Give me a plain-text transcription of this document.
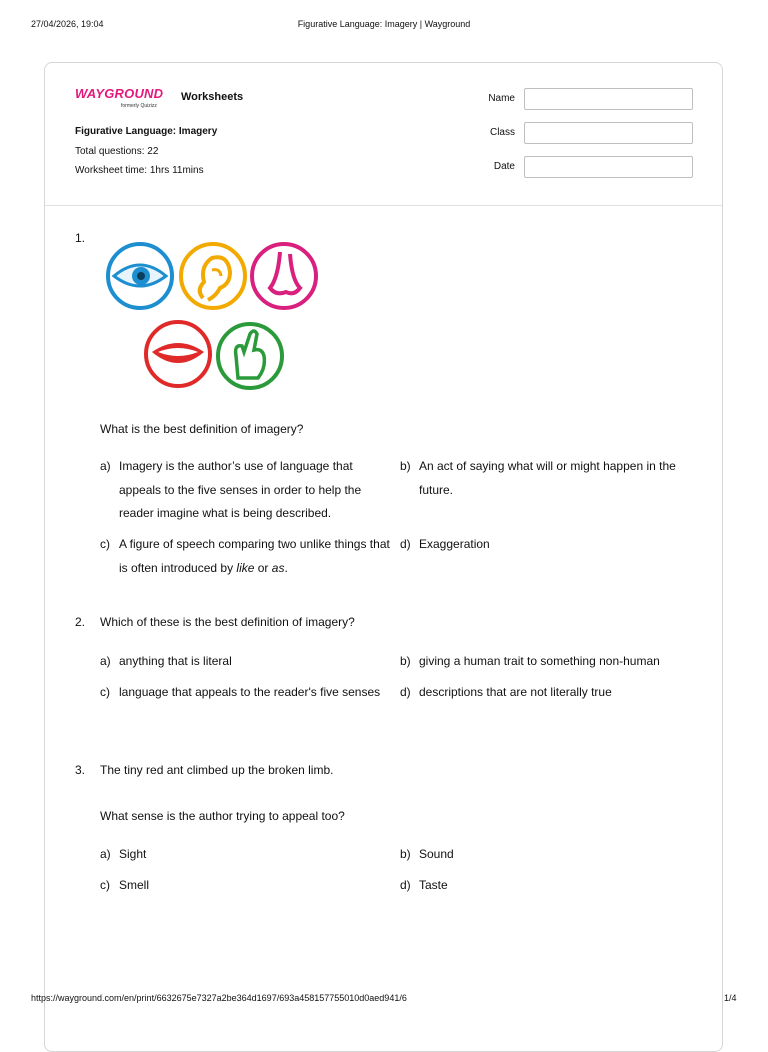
27/04/2026, 19:04	Figurative Language: Imagery | Wayground
WAYGROUND
formerly Quizizz
Worksheets
Figurative Language: Imagery
Total questions: 22
Worksheet time: 1hrs 11mins
Name
Class
Date
1.
What is the best definition of imagery?
a) Imagery is the author’s use of language that appeals to the five senses in order to help the reader imagine what is being described.
b) An act of saying what will or might happen in the future.
c) A figure of speech comparing two unlike things that is often introduced by like or as.
d) Exaggeration
2. Which of these is the best definition of imagery?
a) anything that is literal	b) giving a human trait to something non-human
c) language that appeals to the reader's five senses	d) descriptions that are not literally true
3. The tiny red ant climbed up the broken limb.
What sense is the author trying to appeal too?
a) Sight	b) Sound
c) Smell	d) Taste
https://wayground.com/en/print/6632675e7327a2be364d1697/693a458157755010d0aed941/6	1/4
